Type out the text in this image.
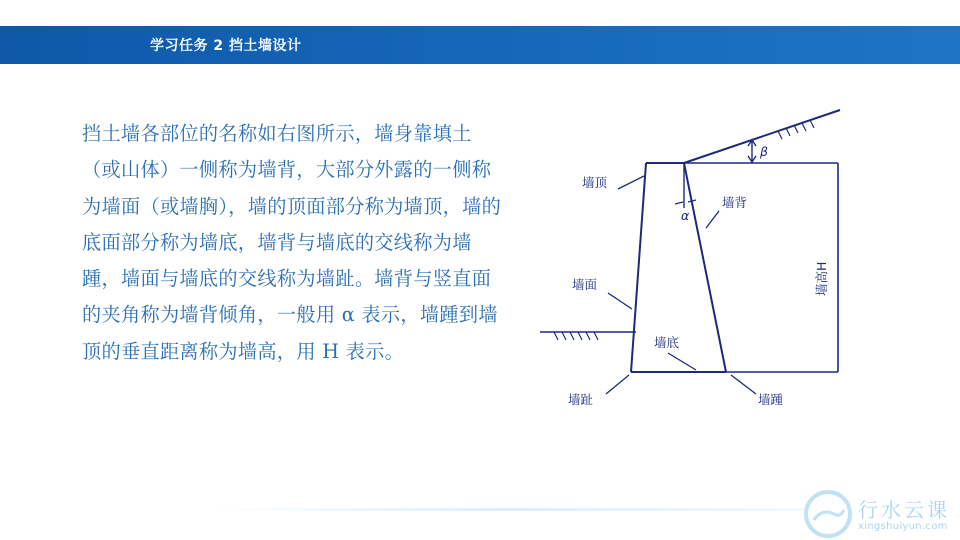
学习任务 2 挡土墙设计

挡土墙各部位的名称如右图所示，墙身靠填土（或山体）一侧称为墙背，大部分外露的一侧称为墙面（或墙胸），墙的顶面部分称为墙顶，墙的底面部分称为墙底，墙背与墙底的交线称为墙踵，墙面与墙底的交线称为墙趾。墙背与竖直面的夹角称为墙背倾角，一般用 α 表示，墙踵到墙顶的垂直距离称为墙高，用 H 表示。

墙顶
墙背
墙面
墙底
墙趾	墙踵
墙高H
α
β
行水云课
xingshuiyun.com
